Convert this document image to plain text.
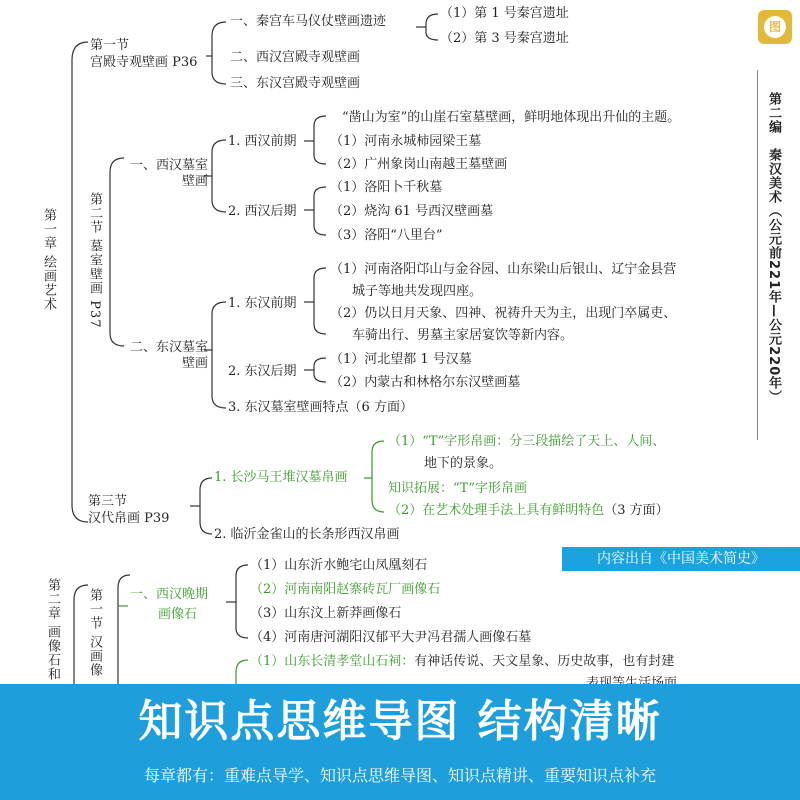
图
第二编　秦汉美术（公元前221年—公元220年）
第一章 绘画艺术
第一节
宫殿寺观壁画 P36
一、秦宫车马仪仗壁画遗迹
二、西汉宫殿寺观壁画
三、东汉宫殿寺观壁画
（1）第 1 号秦宫遗址
（2）第 3 号秦宫遗址
第二节 墓室壁画 P37
一、西汉墓室壁画
1. 西汉前期
“凿山为室”的山崖石室墓壁画，鲜明地体现出升仙的主题。
（1）河南永城柿园梁王墓
（2）广州象岗山南越王墓壁画
2. 西汉后期
（1）洛阳卜千秋墓
（2）烧沟 61 号西汉壁画墓
（3）洛阳“八里台”
二、东汉墓室壁画
1. 东汉前期
（1）河南洛阳邙山与金谷园、山东梁山后银山、辽宁金县营
城子等地共发现四座。
（2）仍以日月天象、四神、祝祷升天为主，出现门卒属吏、
车骑出行、男墓主家居宴饮等新内容。
2. 东汉后期
（1）河北望都 1 号汉墓
（2）内蒙古和林格尔东汉壁画墓
3. 东汉墓室壁画特点（6 方面）
第三节
汉代帛画 P39
1. 长沙马王堆汉墓帛画
（1）“T”字形帛画：分三段描绘了天上、人间、
地下的景象。
知识拓展：“T”字形帛画
（2）在艺术处理手法上具有鲜明特色（3 方面）
2. 临沂金雀山的长条形西汉帛画
内容出自《中国美术简史》
第二章 画像石和 第一节 汉画像 一、西汉晚期
画像石
（1）山东沂水鲍宅山凤凰刻石
（2）河南南阳赵寨砖瓦厂画像石
（3）山东汶上新莽画像石
（4）河南唐河湖阳汉郁平大尹冯君孺人画像石墓
（1）山东长清孝堂山石祠：有神话传说、天文星象、历史故事，也有封建
知识点思维导图 结构清晰
每章都有：重难点导学、知识点思维导图、知识点精讲、重要知识点补充
